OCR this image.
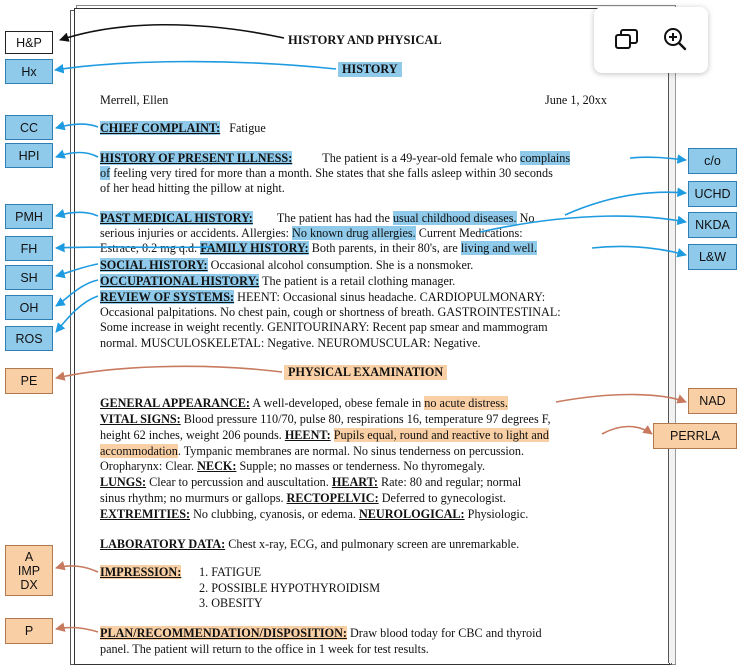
HISTORY AND PHYSICAL
HISTORY
Merrell, Ellen	June 1, 20xx
CHIEF COMPLAINT: Fatigue
HISTORY OF PRESENT ILLNESS: The patient is a 49-year-old female who complains
of feeling very tired for more than a month. She states that she falls asleep within 30 seconds
of her head hitting the pillow at night.
PAST MEDICAL HISTORY: The patient has had the usual childhood diseases. No
serious injuries or accidents. Allergies: No known drug allergies. Current Medications:
Estrace, 0.2 mg q.d. FAMILY HISTORY: Both parents, in their 80's, are living and well.
SOCIAL HISTORY: Occasional alcohol consumption. She is a nonsmoker.
OCCUPATIONAL HISTORY: The patient is a retail clothing manager.
REVIEW OF SYSTEMS: HEENT: Occasional sinus headache. CARDIOPULMONARY:
Occasional palpitations. No chest pain, cough or shortness of breath. GASTROINTESTINAL:
Some increase in weight recently. GENITOURINARY: Recent pap smear and mammogram
normal. MUSCULOSKELETAL: Negative. NEUROMUSCULAR: Negative.
PHYSICAL EXAMINATION
GENERAL APPEARANCE: A well-developed, obese female in no acute distress.
VITAL SIGNS: Blood pressure 110/70, pulse 80, respirations 16, temperature 97 degrees F,
height 62 inches, weight 206 pounds. HEENT: Pupils equal, round and reactive to light and
accommodation. Tympanic membranes are normal. No sinus tenderness on percussion.
Oropharynx: Clear. NECK: Supple; no masses or tenderness. No thyromegaly.
LUNGS: Clear to percussion and auscultation. HEART: Rate: 80 and regular; normal
sinus rhythm; no murmurs or gallops. RECTOPELVIC: Deferred to gynecologist.
EXTREMITIES: No clubbing, cyanosis, or edema. NEUROLOGICAL: Physiologic.
LABORATORY DATA: Chest x-ray, ECG, and pulmonary screen are unremarkable.
IMPRESSION: 1. FATIGUE
2. POSSIBLE HYPOTHYROIDISM
3. OBESITY
PLAN/RECOMMENDATION/DISPOSITION: Draw blood today for CBC and thyroid
panel. The patient will return to the office in 1 week for test results.
H&P
Hx
CC
HPI
PMH
FH
SH
OH
ROS
PE
A
IMP
DX
P
c/o
UCHD
NKDA
L&W
NAD
PERRLA
